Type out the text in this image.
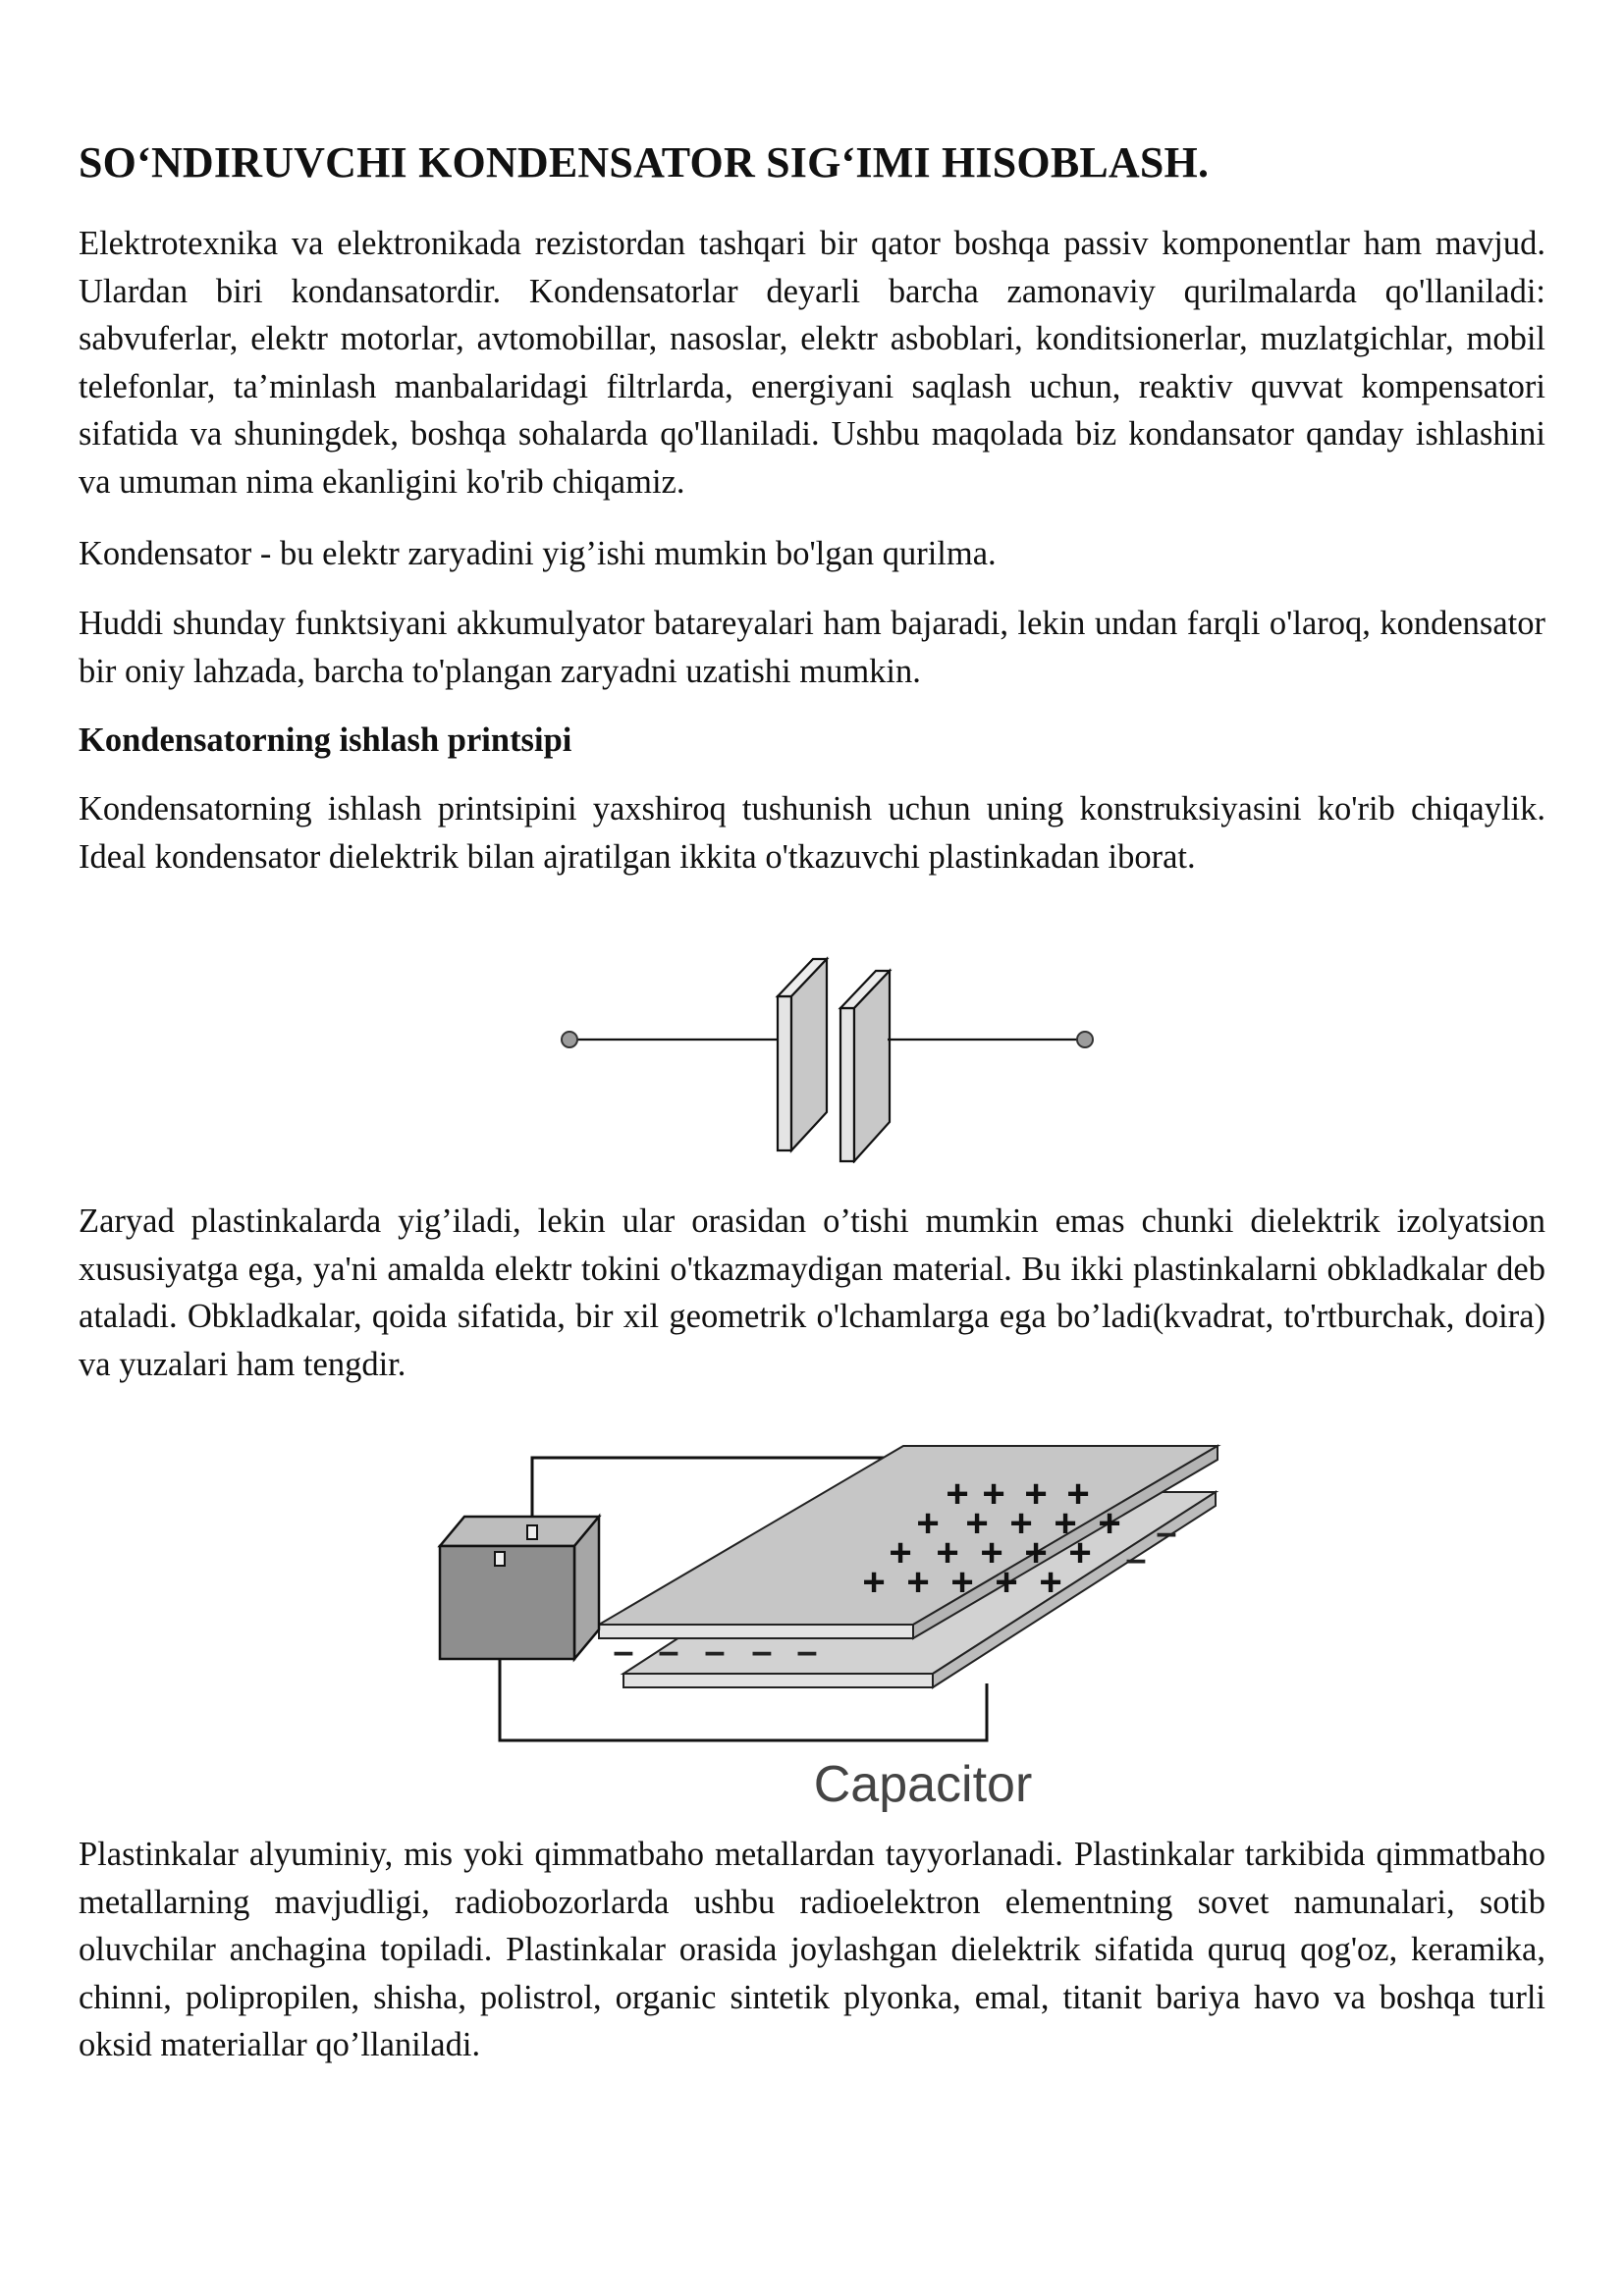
SO‘NDIRUVCHI KONDENSATOR SIG‘IMI HISOBLASH.

Elektrotexnika va elektronikada rezistordan tashqari bir qator boshqa passiv komponentlar ham mavjud. Ulardan biri kondansatordir. Kondensatorlar deyarli barcha zamonaviy qurilmalarda qo'llaniladi: sabvuferlar, elektr motorlar, avtomobillar, nasoslar, elektr asboblari, konditsionerlar, muzlatgichlar, mobil telefonlar, ta’minlash manbalaridagi filtrlarda, energiyani saqlash uchun, reaktiv quvvat kompensatori sifatida va shuningdek, boshqa sohalarda qo'llaniladi. Ushbu maqolada biz kondansator qanday ishlashini va umuman nima ekanligini ko'rib chiqamiz.

Kondensator - bu elektr zaryadini yig’ishi mumkin bo'lgan qurilma.

Huddi shunday funktsiyani akkumulyator batareyalari ham bajaradi, lekin undan farqli o'laroq, kondensator bir oniy lahzada, barcha to'plangan zaryadni uzatishi mumkin.

Kondensatorning ishlash printsipi

Kondensatorning ishlash printsipini yaxshiroq tushunish uchun uning konstruksiyasini ko'rib chiqaylik. Ideal kondensator dielektrik bilan ajratilgan ikkita o'tkazuvchi plastinkadan iborat.

Zaryad plastinkalarda yig’iladi, lekin ular orasidan o’tishi mumkin emas chunki dielektrik izolyatsion xususiyatga ega, ya'ni amalda elektr tokini o'tkazmaydigan material. Bu ikki plastinkalarni obkladkalar deb ataladi. Obkladkalar, qoida sifatida, bir xil geometrik o'lchamlarga ega bo’ladi(kvadrat, to'rtburchak, doira) va yuzalari ham tengdir.

+ + + +
+ + + + +
+ + + + +
+ + + + +
– – – – –
–
–
Capacitor

Plastinkalar alyuminiy, mis yoki qimmatbaho metallardan tayyorlanadi. Plastinkalar tarkibida qimmatbaho metallarning mavjudligi, radiobozorlarda ushbu radioelektron elementning sovet namunalari, sotib oluvchilar anchagina topiladi. Plastinkalar orasida joylashgan dielektrik sifatida quruq qog'oz, keramika, chinni, polipropilen, shisha, polistrol, organic sintetik plyonka, emal, titanit bariya havo va boshqa turli oksid materiallar qo’llaniladi.
